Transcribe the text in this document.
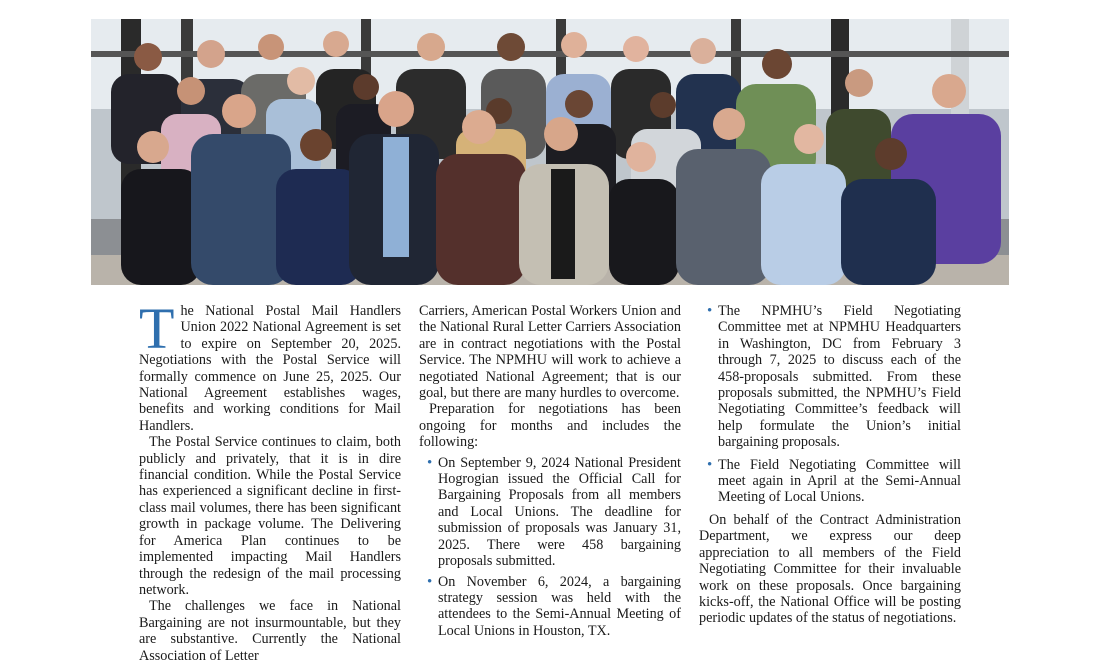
T he National Postal Mail Handlers Union 2022 National Agreement is set to expire on September 20, 2025. Negotiations with the Postal Service will formally commence on June 25, 2025. Our National Agreement establishes wages, benefits and working conditions for Mail Handlers.

The Postal Service continues to claim, both publicly and privately, that it is in dire financial condition. While the Postal Service has experienced a significant decline in first-class mail volumes, there has been significant growth in package volume. The Delivering for America Plan continues to be implemented impacting Mail Handlers through the redesign of the mail processing network.

The challenges we face in National Bargaining are not insurmountable, but they are substantive. Currently the National Association of Letter

Carriers, American Postal Workers Union and the National Rural Letter Carriers Association are in contract negotiations with the Postal Service. The NPMHU will work to achieve a negotiated National Agreement; that is our goal, but there are many hurdles to overcome.

Preparation for negotiations has been ongoing for months and includes the following:

• On September 9, 2024 National President Hogrogian issued the Official Call for Bargaining Proposals from all members and Local Unions. The deadline for submission of proposals was January 31, 2025. There were 458 bargaining proposals submitted.
• On November 6, 2024, a bargaining strategy session was held with the attendees to the Semi-Annual Meeting of Local Unions in Houston, TX.
• The NPMHU’s Field Negotiating Committee met at NPMHU Headquarters in Washington, DC from February 3 through 7, 2025 to discuss each of the 458-proposals submitted. From these proposals submitted, the NPMHU’s Field Negotiating Committee’s feedback will help formulate the Union’s initial bargaining proposals.
• The Field Negotiating Committee will meet again in April at the Semi-Annual Meeting of Local Unions.

On behalf of the Contract Administration Department, we express our deep appreciation to all members of the Field Negotiating Committee for their invaluable work on these proposals. Once bargaining kicks-off, the National Office will be posting periodic updates of the status of negotiations.
